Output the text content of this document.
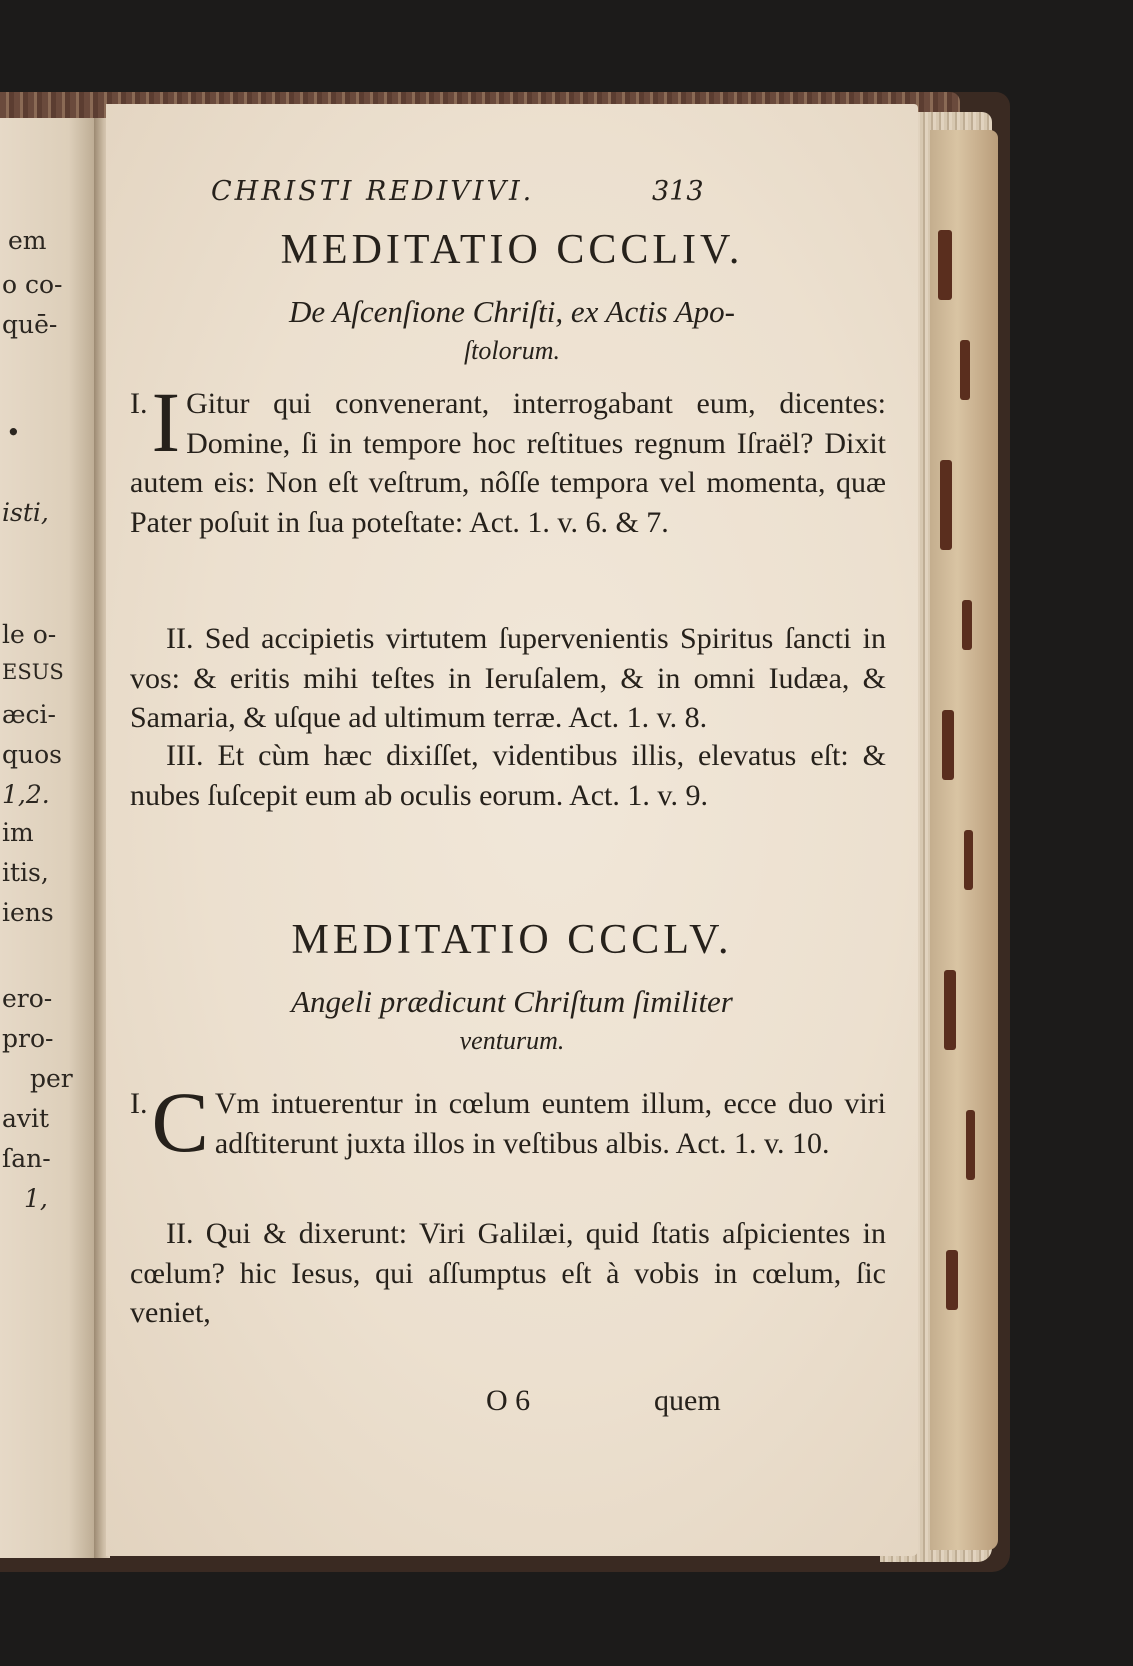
em
o co-
quē-
•
isti,
le o-
ESUS
æci-
quos
1,2.
im
itis,
iens
ero-
pro-
per
avit
ſan-
1,
CHRISTI REDIVIVI.	313
MEDITATIO CCCLIV.
De Aſcenſione Chriſti, ex Actis Apo-
ſtolorum.
I. I Gitur qui convenerant, interrogabant eum, dicentes: Domine, ſi in tempore hoc reſtitues regnum Iſraël? Dixit autem eis: Non eſt veſtrum, nôſſe tempora vel momenta, quæ Pater poſuit in ſua poteſtate: Act. 1. v. 6. & 7.

II. Sed accipietis virtutem ſupervenientis Spiritus ſancti in vos: & eritis mihi teſtes in Ieruſalem, & in omni Iudæa, & Samaria, & uſque ad ultimum terræ. Act. 1. v. 8.

III. Et cùm hæc dixiſſet, videntibus illis, elevatus eſt: & nubes ſuſcepit eum ab oculis eorum. Act. 1. v. 9.

MEDITATIO CCCLV.
Angeli prædicunt Chriſtum ſimiliter
venturum.
I. C Vm intuerentur in cœlum euntem illum, ecce duo viri adſtiterunt juxta illos in veſtibus albis. Act. 1. v. 10.

II. Qui & dixerunt: Viri Galilæi, quid ſtatis aſpicientes in cœlum? hic Iesus, qui aſſumptus eſt à vobis in cœlum, ſic veniet,

O 6	quem
